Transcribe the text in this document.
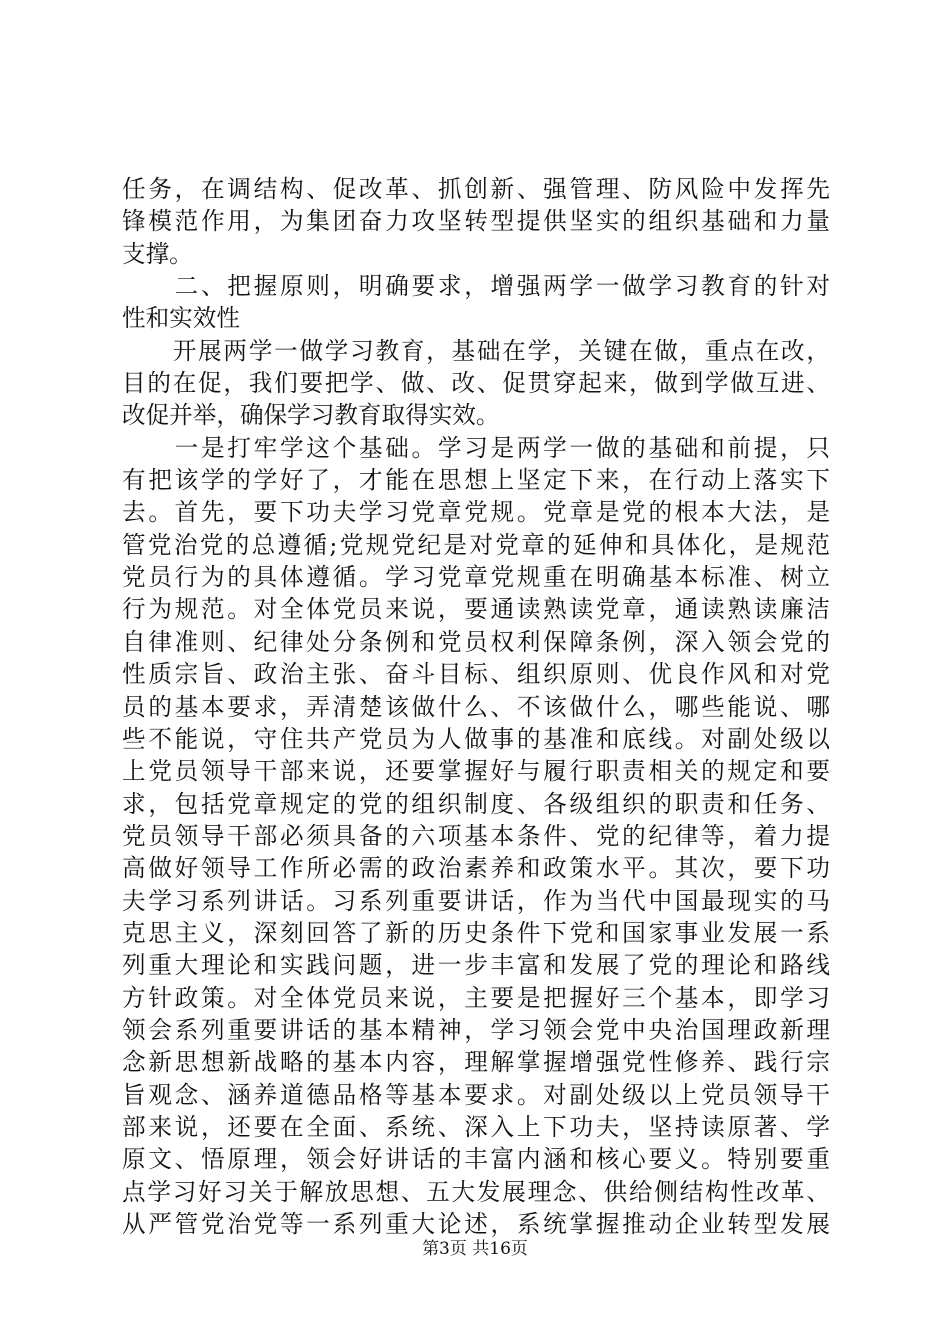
任务，在调结构、促改革、抓创新、强管理、防风险中发挥先
锋模范作用，为集团奋力攻坚转型提供坚实的组织基础和力量
支撑。
　　二、把握原则，明确要求，增强两学一做学习教育的针对
性和实效性
　　开展两学一做学习教育，基础在学，关键在做，重点在改，
目的在促，我们要把学、做、改、促贯穿起来，做到学做互进、
改促并举，确保学习教育取得实效。
　　一是打牢学这个基础。学习是两学一做的基础和前提，只
有把该学的学好了，才能在思想上坚定下来，在行动上落实下
去。首先，要下功夫学习党章党规。党章是党的根本大法，是
管党治党的总遵循;党规党纪是对党章的延伸和具体化，是规范
党员行为的具体遵循。学习党章党规重在明确基本标准、树立
行为规范。对全体党员来说，要通读熟读党章，通读熟读廉洁
自律准则、纪律处分条例和党员权利保障条例，深入领会党的
性质宗旨、政治主张、奋斗目标、组织原则、优良作风和对党
员的基本要求，弄清楚该做什么、不该做什么，哪些能说、哪
些不能说，守住共产党员为人做事的基准和底线。对副处级以
上党员领导干部来说，还要掌握好与履行职责相关的规定和要
求，包括党章规定的党的组织制度、各级组织的职责和任务、
党员领导干部必须具备的六项基本条件、党的纪律等，着力提
高做好领导工作所必需的政治素养和政策水平。其次，要下功
夫学习系列讲话。习系列重要讲话，作为当代中国最现实的马
克思主义，深刻回答了新的历史条件下党和国家事业发展一系
列重大理论和实践问题，进一步丰富和发展了党的理论和路线
方针政策。对全体党员来说，主要是把握好三个基本，即学习
领会系列重要讲话的基本精神，学习领会党中央治国理政新理
念新思想新战略的基本内容，理解掌握增强党性修养、践行宗
旨观念、涵养道德品格等基本要求。对副处级以上党员领导干
部来说，还要在全面、系统、深入上下功夫，坚持读原著、学
原文、悟原理，领会好讲话的丰富内涵和核心要义。特别要重
点学习好习关于解放思想、五大发展理念、供给侧结构性改革、
从严管党治党等一系列重大论述，系统掌握推动企业转型发展
第3页 共16页
